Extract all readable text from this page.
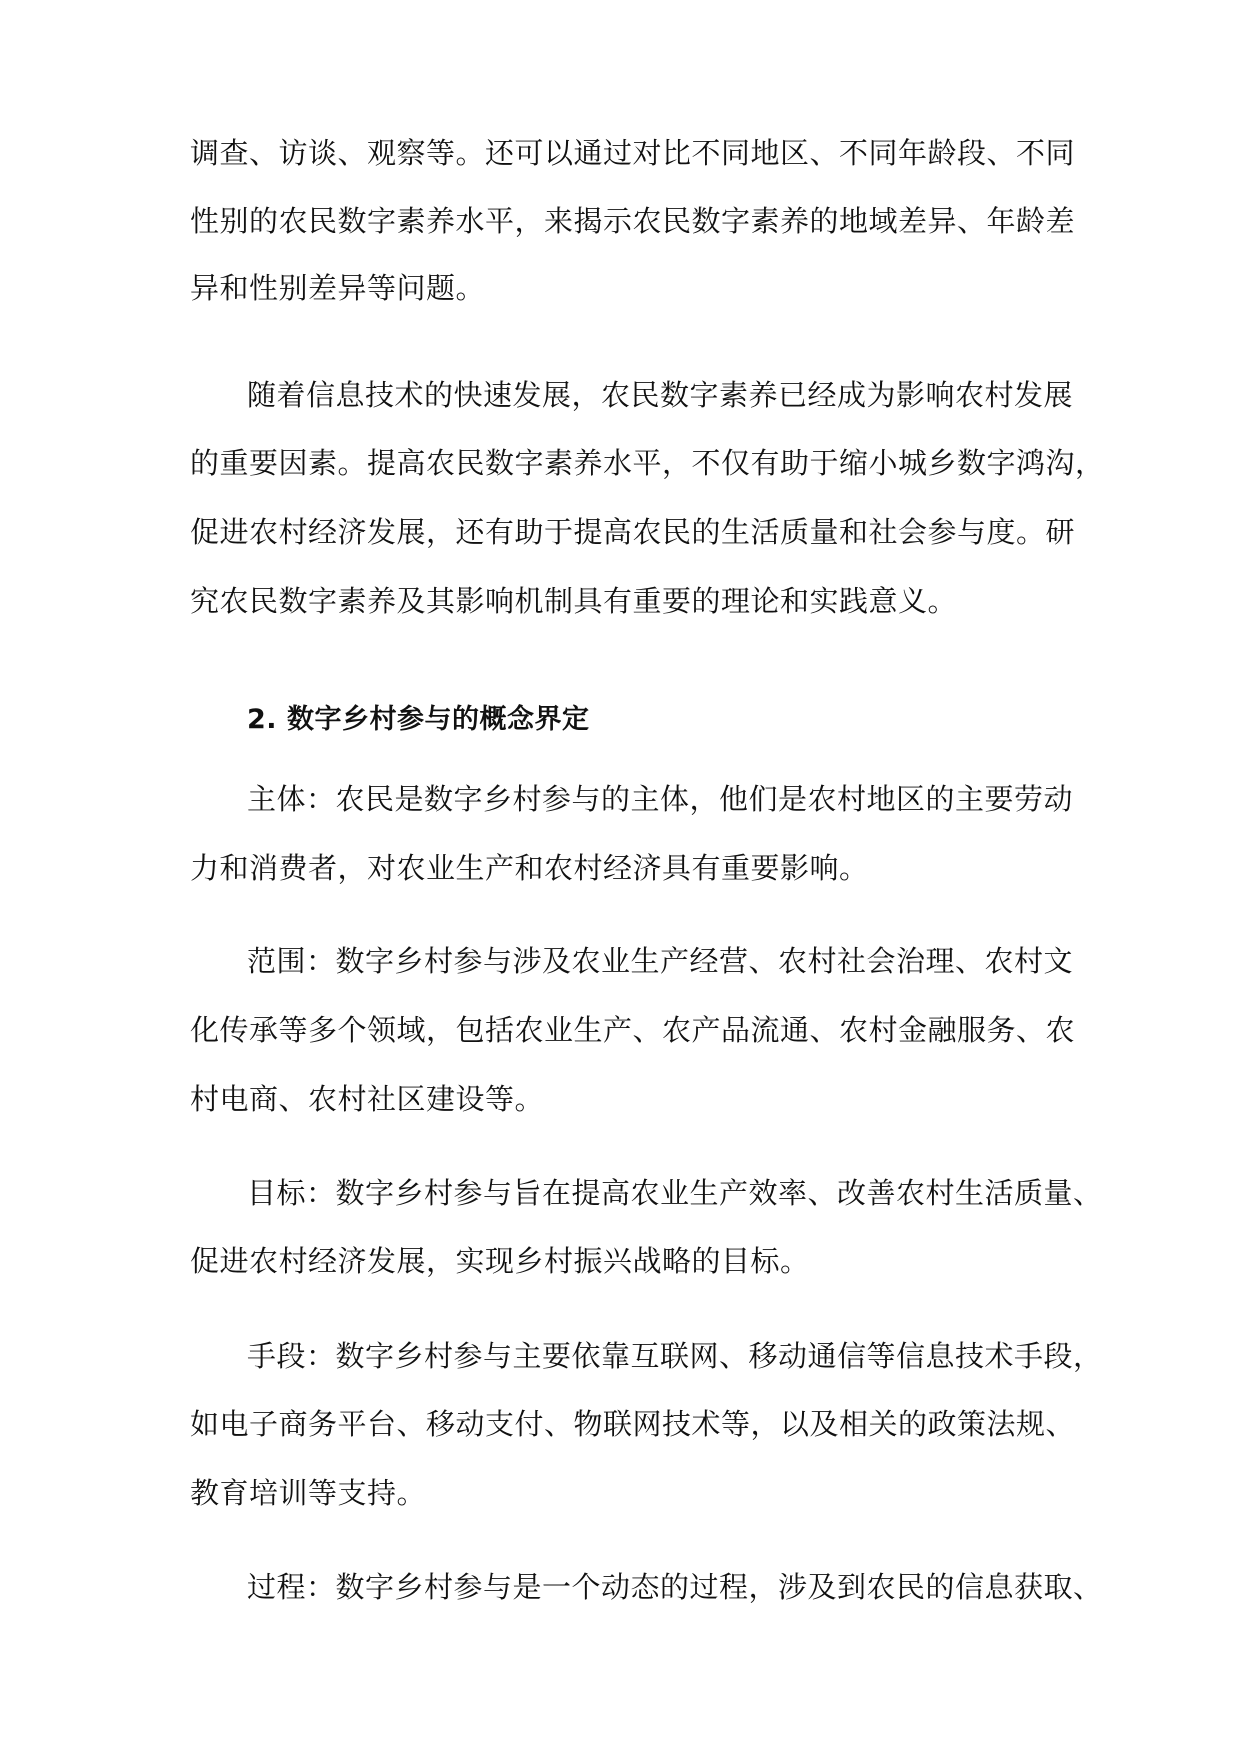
调查、访谈、观察等。还可以通过对比不同地区、不同年龄段、不同
性别的农民数字素养水平，来揭示农民数字素养的地域差异、年龄差
异和性别差异等问题。
随着信息技术的快速发展，农民数字素养已经成为影响农村发展
的重要因素。提高农民数字素养水平，不仅有助于缩小城乡数字鸿沟，
促进农村经济发展，还有助于提高农民的生活质量和社会参与度。研
究农民数字素养及其影响机制具有重要的理论和实践意义。
2. 数字乡村参与的概念界定
主体：农民是数字乡村参与的主体，他们是农村地区的主要劳动
力和消费者，对农业生产和农村经济具有重要影响。
范围：数字乡村参与涉及农业生产经营、农村社会治理、农村文
化传承等多个领域，包括农业生产、农产品流通、农村金融服务、农
村电商、农村社区建设等。
目标：数字乡村参与旨在提高农业生产效率、改善农村生活质量、
促进农村经济发展，实现乡村振兴战略的目标。
手段：数字乡村参与主要依靠互联网、移动通信等信息技术手段，
如电子商务平台、移动支付、物联网技术等，以及相关的政策法规、
教育培训等支持。
过程：数字乡村参与是一个动态的过程，涉及到农民的信息获取、
